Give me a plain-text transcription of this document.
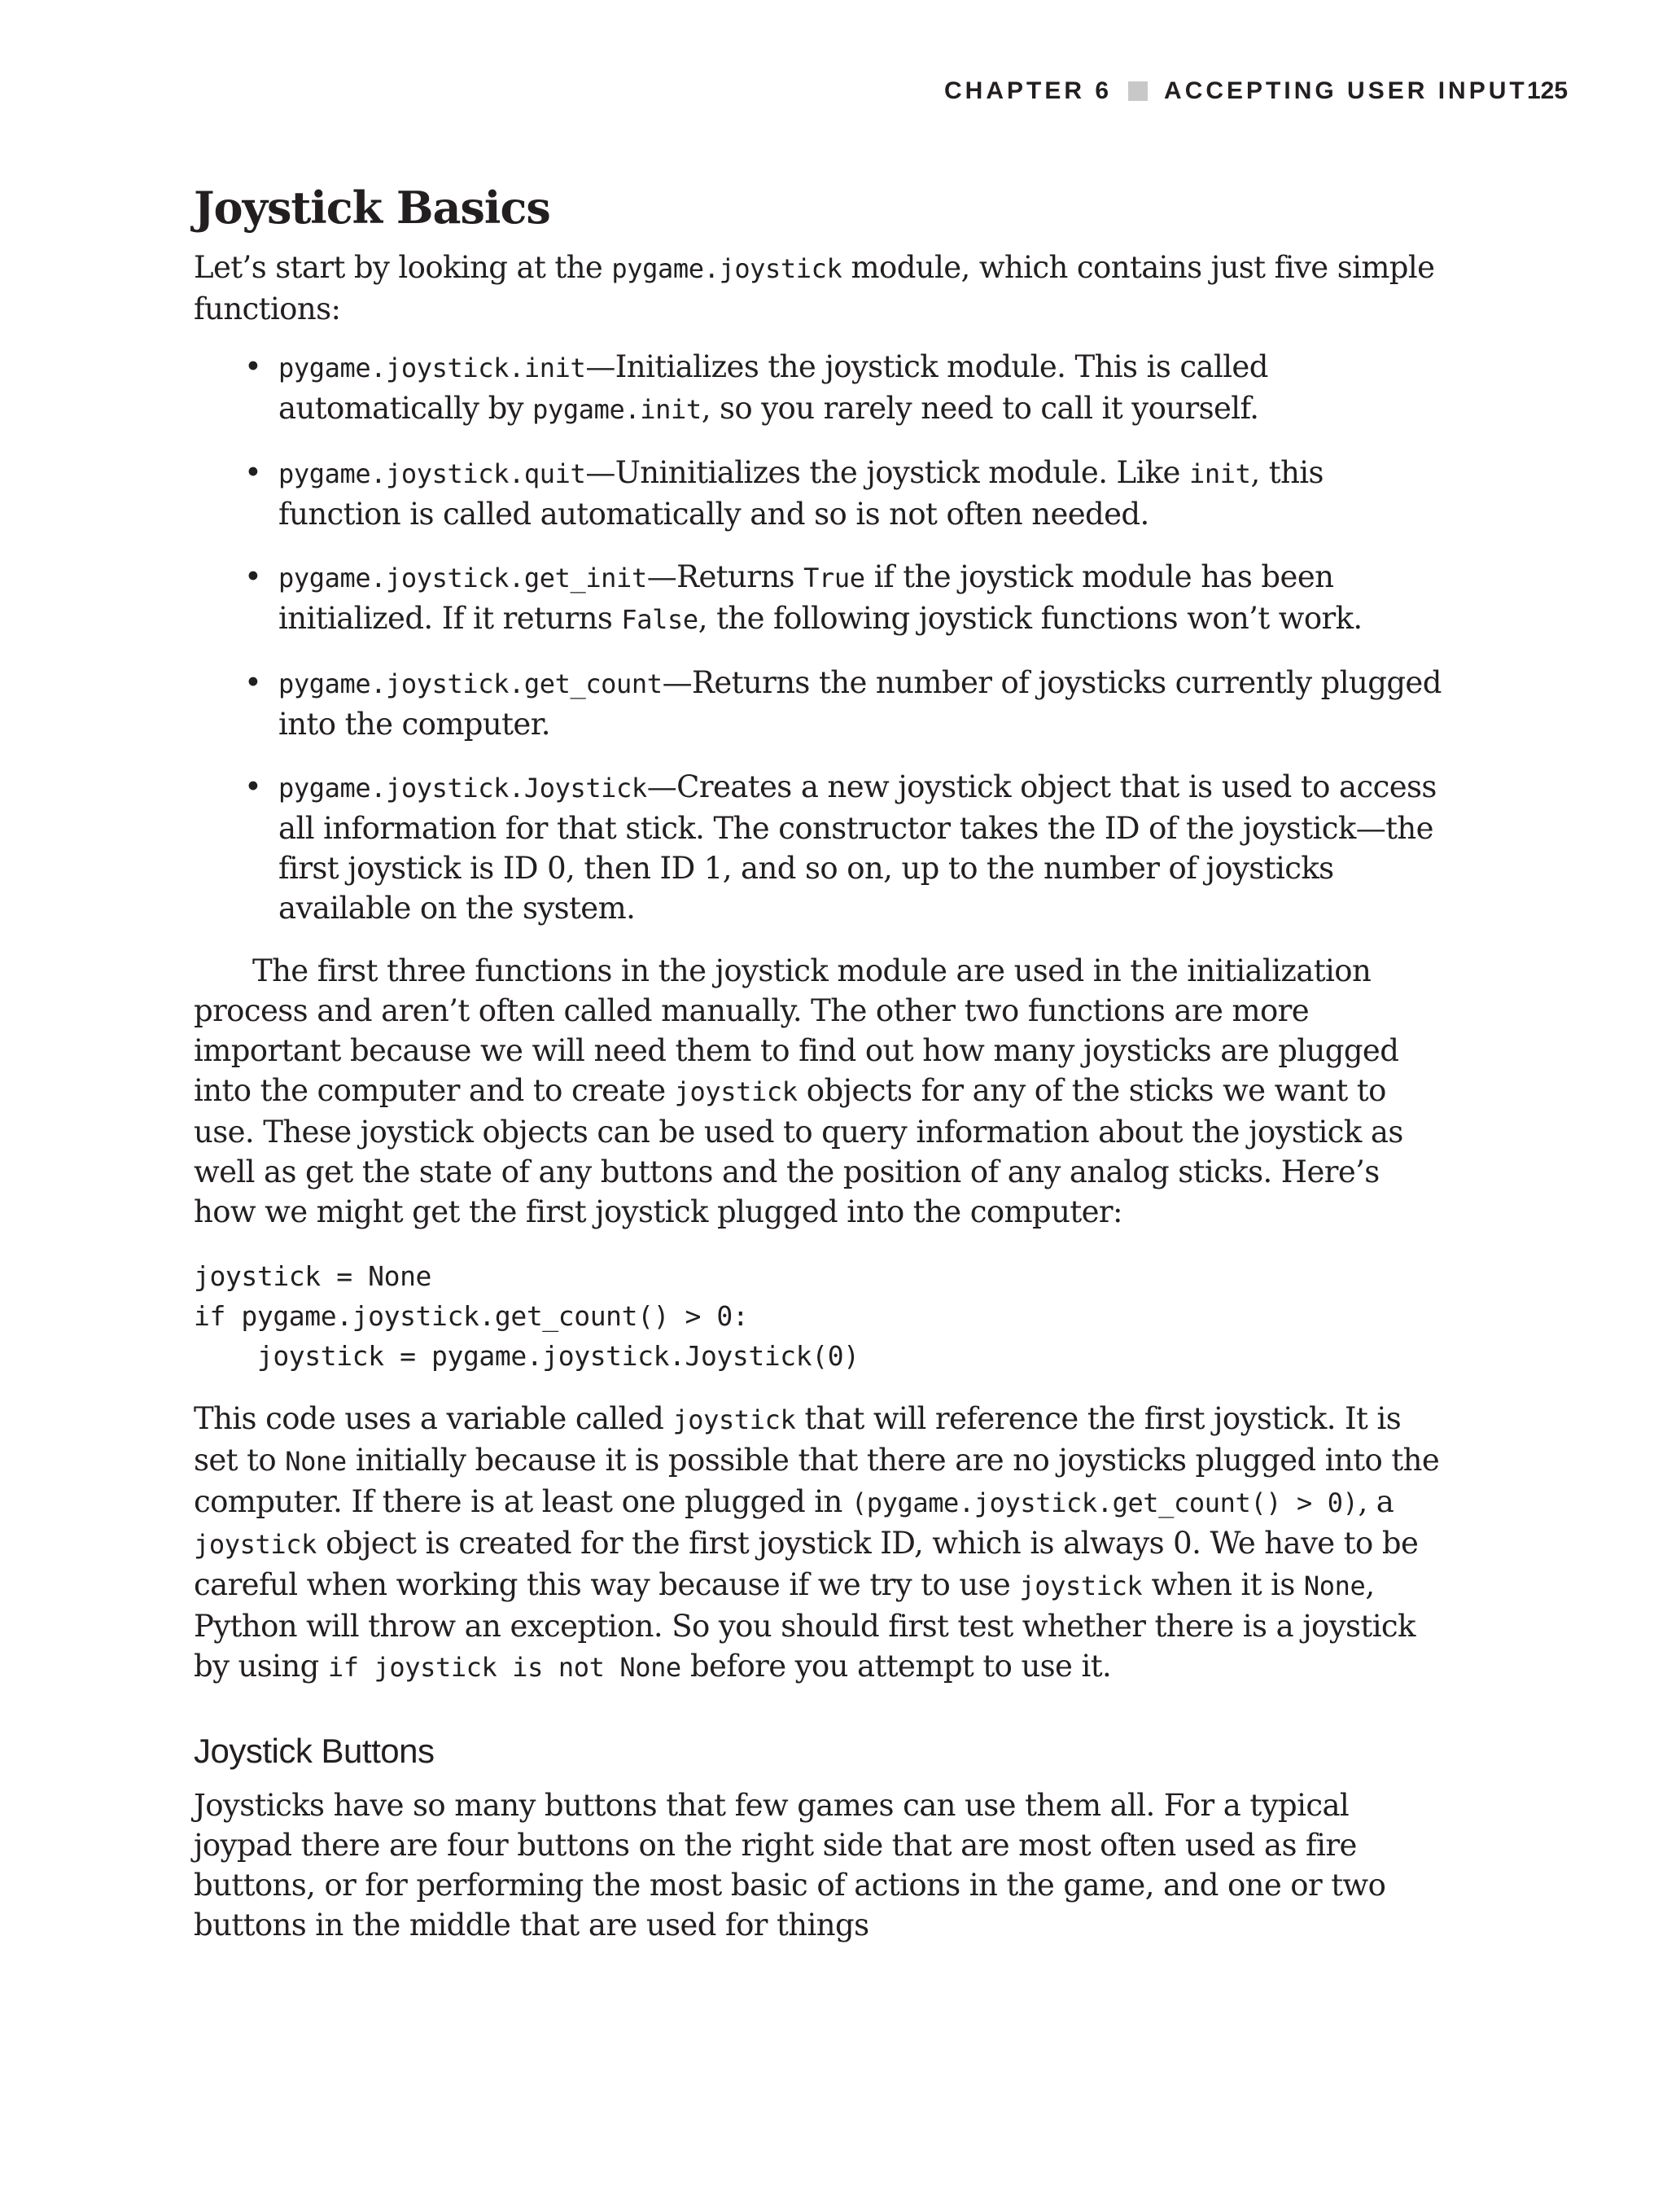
CHAPTER 6 ACCEPTING USER INPUT 125
Joystick Basics

Let’s start by looking at the pygame.joystick module, which contains just five simple functions:

• pygame.joystick.init—Initializes the joystick module. This is called automatically by pygame.init, so you rarely need to call it yourself.
• pygame.joystick.quit—Uninitializes the joystick module. Like init, this function is called automatically and so is not often needed.
• pygame.joystick.get_init—Returns True if the joystick module has been initialized. If it returns False, the following joystick functions won’t work.
• pygame.joystick.get_count—Returns the number of joysticks currently plugged into the computer.
• pygame.joystick.Joystick—Creates a new joystick object that is used to access all information for that stick. The constructor takes the ID of the joystick—the first joystick is ID 0, then ID 1, and so on, up to the number of joysticks available on the system.

The first three functions in the joystick module are used in the initialization process and aren’t often called manually. The other two functions are more important because we will need them to find out how many joysticks are plugged into the computer and to create joystick objects for any of the sticks we want to use. These joystick objects can be used to query information about the joystick as well as get the state of any buttons and the position of any analog sticks. Here’s how we might get the first joystick plugged into the computer:

joystick = None
if pygame.joystick.get_count() > 0:
joystick = pygame.joystick.Joystick(0)

This code uses a variable called joystick that will reference the first joystick. It is set to None initially because it is possible that there are no joysticks plugged into the computer. If there is at least one plugged in (pygame.joystick.get_count() > 0), a joystick object is created for the first joystick ID, which is always 0. We have to be careful when working this way because if we try to use joystick when it is None, Python will throw an exception. So you should first test whether there is a joystick by using if joystick is not None before you attempt to use it.

Joystick Buttons

Joysticks have so many buttons that few games can use them all. For a typical joypad there are four buttons on the right side that are most often used as fire buttons, or for performing the most basic of actions in the game, and one or two buttons in the middle that are used for things
